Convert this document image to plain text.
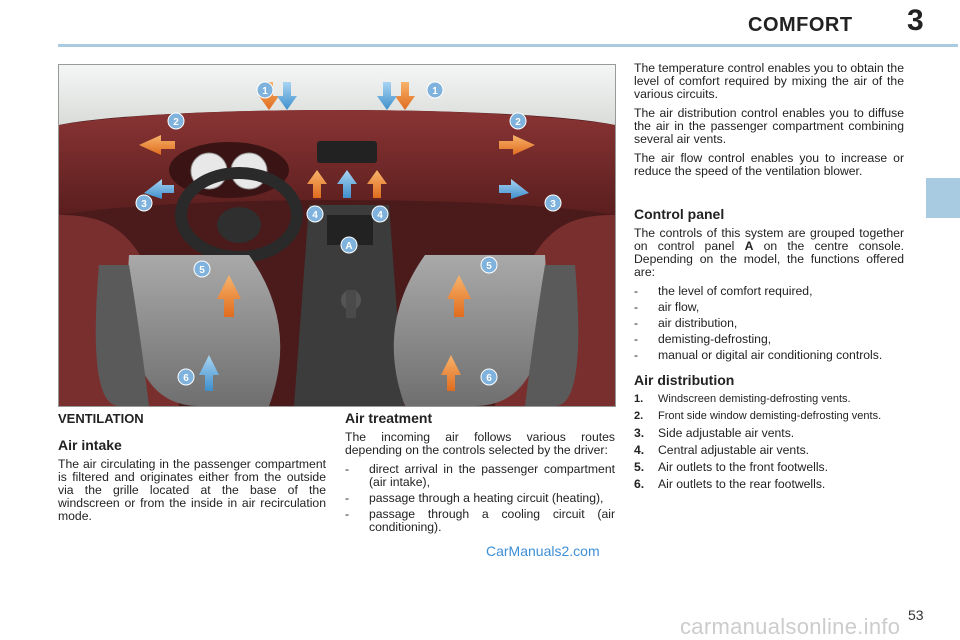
COMFORT 3
1	1
2	2
3	3
4	4
A
5	5
6	6
VENTILATION
Air intake

The air circulating in the passenger compartment is filtered and originates either from the outside via the grille located at the base of the windscreen or from the inside in air recirculation mode.

Air treatment

The incoming air follows various routes depending on the controls selected by the driver:

- direct arrival in the passenger compartment (air intake),
- passage through a heating circuit (heating),
- passage through a cooling circuit (air conditioning).

The temperature control enables you to obtain the level of comfort required by mixing the air of the various circuits.

The air distribution control enables you to diffuse the air in the passenger compartment combining several air vents.

The air flow control enables you to increase or reduce the speed of the ventilation blower.

Control panel

The controls of this system are grouped together on control panel A on the centre console. Depending on the model, the functions offered are:

- the level of comfort required,
- air flow,
- air distribution,
- demisting-defrosting,
- manual or digital air conditioning controls.
Air distribution
1. Windscreen demisting-defrosting vents.
2. Front side window demisting-defrosting vents.
3. Side adjustable air vents.
4. Central adjustable air vents.
5. Air outlets to the front footwells.
6. Air outlets to the rear footwells.
CarManuals2.com
53
carmanualsonline.info
